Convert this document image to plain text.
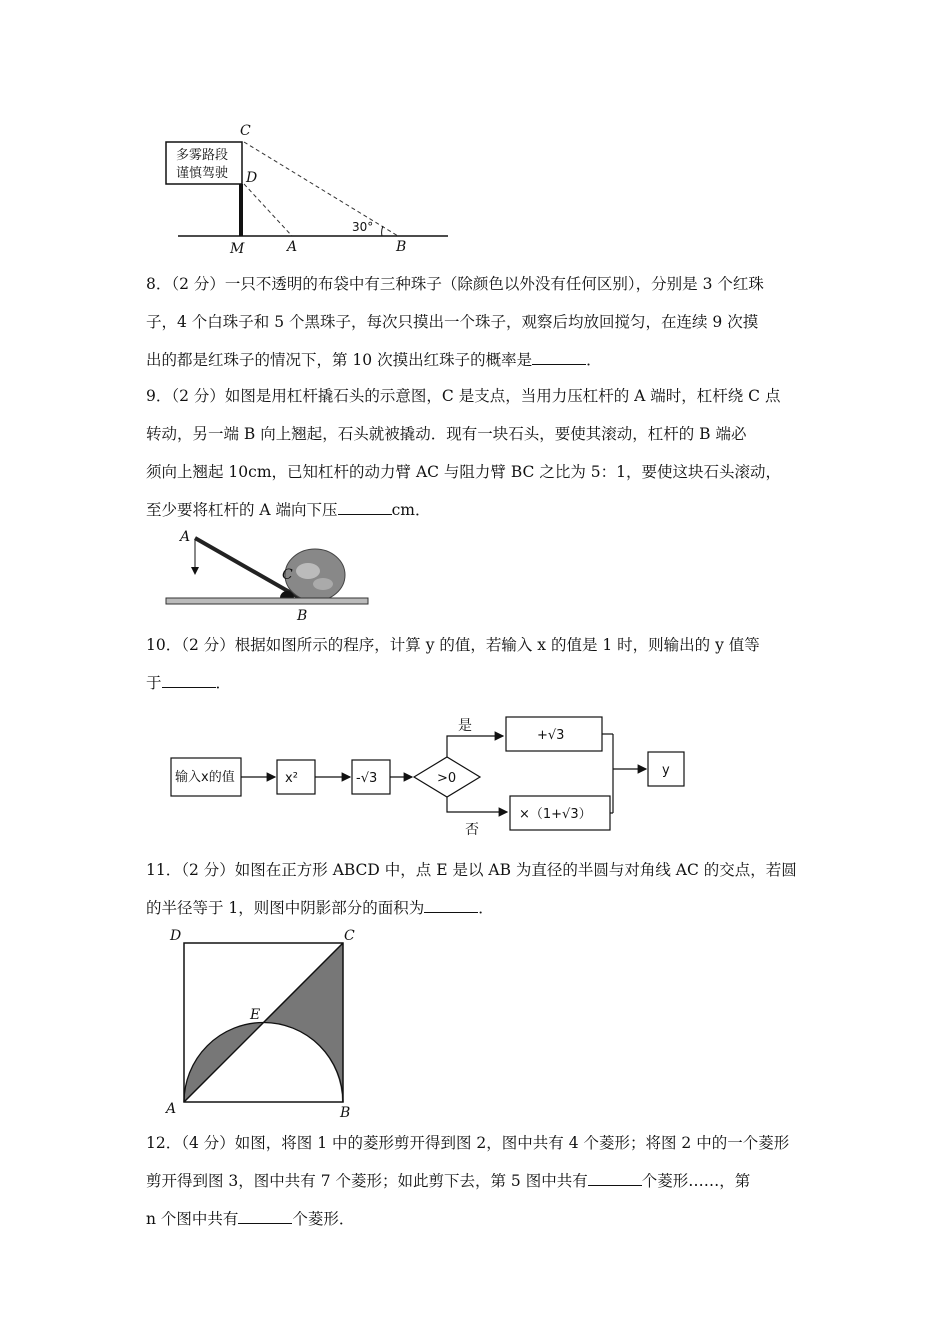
C
多雾路段
谨慎驾驶 D
30°
M	A	B
8．（2 分）一只不透明的布袋中有三种珠子（除颜色以外没有任何区别），分别是 3 个红珠
子，4 个白珠子和 5 个黑珠子，每次只摸出一个珠子，观察后均放回搅匀，在连续 9 次摸
出的都是红珠子的情况下，第 10 次摸出红珠子的概率是	．
9．（2 分）如图是用杠杆撬石头的示意图，C 是支点，当用力压杠杆的 A 端时，杠杆绕 C 点
转动，另一端 B 向上翘起，石头就被撬动．现有一块石头，要使其滚动，杠杆的 B 端必
须向上翘起 10cm，已知杠杆的动力臂 AC 与阻力臂 BC 之比为 5：1，要使这块石头滚动，
至少要将杠杆的 A 端向下压	cm．
A
C
B
10．（2 分）根据如图所示的程序，计算 y 的值，若输入 x 的值是 1 时，则输出的 y 值等
于	．
输入x的值	x²	-√3	>0
是
否
+√3
×（1+√3）
y
11．（2 分）如图在正方形 ABCD 中，点 E 是以 AB 为直径的半圆与对角线 AC 的交点，若圆
的半径等于 1，则图中阴影部分的面积为	．
D	C
E
A	B
12．（4 分）如图，将图 1 中的菱形剪开得到图 2，图中共有 4 个菱形；将图 2 中的一个菱形
剪开得到图 3，图中共有 7 个菱形；如此剪下去，第 5 图中共有	个菱形……，第
n 个图中共有	个菱形．
